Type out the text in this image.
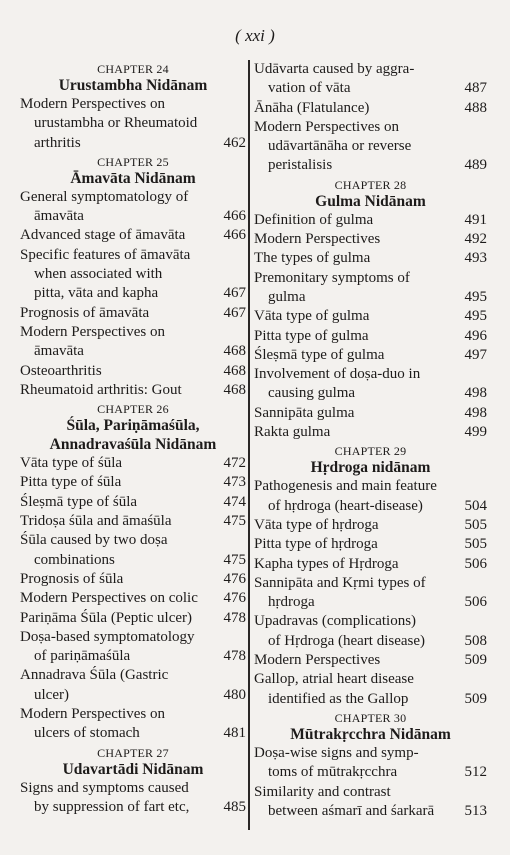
( xxi )
CHAPTER 24
Urustambha Nidānam
Modern Perspectives on
urustambha or Rheumatoid
arthritis	462
CHAPTER 25
Āmavāta Nidānam
General symptomatology of
āmavāta	466
Advanced stage of āmavāta	466
Specific features of āmavāta
when associated with
pitta, vāta and kapha	467
Prognosis of āmavāta	467
Modern Perspectives on
āmavāta	468
Osteoarthritis	468
Rheumatoid arthritis: Gout	468
CHAPTER 26
Śūla, Pariṇāmaśūla,
Annadravaśūla Nidānam
Vāta type of śūla	472
Pitta type of śūla	473
Śleṣmā type of śūla	474
Tridoṣa śūla and āmaśūla	475
Śūla caused by two doṣa
combinations	475
Prognosis of śūla	476
Modern Perspectives on colic	476
Pariṇāma Śūla (Peptic ulcer)	478
Doṣa-based symptomatology
of pariṇāmaśūla	478
Annadrava Śūla (Gastric
ulcer)	480
Modern Perspectives on
ulcers of stomach	481
CHAPTER 27
Udavartādi Nidānam
Signs and symptoms caused
by suppression of fart etc,	485
Udāvarta caused by aggra-
vation of vāta	487
Ānāha (Flatulance)	488
Modern Perspectives on
udāvartānāha or reverse
peristalisis	489
CHAPTER 28
Gulma Nidānam
Definition of gulma	491
Modern Perspectives	492
The types of gulma	493
Premonitary symptoms of
gulma	495
Vāta type of gulma	495
Pitta type of gulma	496
Śleṣmā type of gulma	497
Involvement of doṣa-duo in
causing gulma	498
Sannipāta gulma	498
Rakta gulma	499
CHAPTER 29
Hṛdroga nidānam
Pathogenesis and main feature
of hṛdroga (heart-disease)	504
Vāta type of hṛdroga	505
Pitta type of hṛdroga	505
Kapha types of Hṛdroga	506
Sannipāta and Kṛmi types of
hṛdroga	506
Upadravas (complications)
of Hṛdroga (heart disease)	508
Modern Perspectives	509
Gallop, atrial heart disease
identified as the Gallop	509
CHAPTER 30
Mūtrakṛcchra Nidānam
Doṣa-wise signs and symp-
toms of mūtrakṛcchra	512
Similarity and contrast
between aśmarī and śarkarā	513
